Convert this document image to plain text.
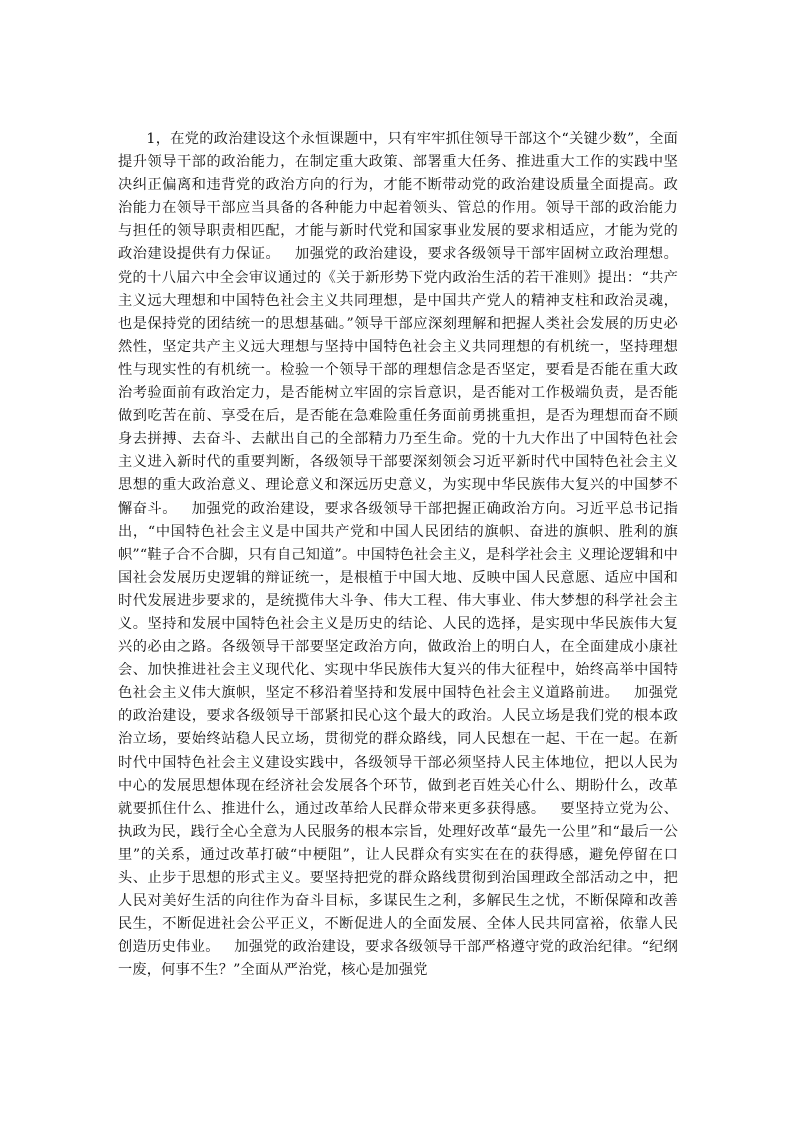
1，在党的政治建设这个永恒课题中，只有牢牢抓住领导干部这个“关键少数”，全面提升领导干部的政治能力，在制定重大政策、部署重大任务、推进重大工作的实践中坚决纠正偏离和违背党的政治方向的行为，才能不断带动党的政治建设质量全面提高。政治能力在领导干部应当具备的各种能力中起着领头、管总的作用。领导干部的政治能力与担任的领导职责相匹配，才能与新时代党和国家事业发展的要求相适应，才能为党的政治建设提供有力保证。  加强党的政治建设，要求各级领导干部牢固树立政治理想。党的十八届六中全会审议通过的《关于新形势下党内政治生活的若干准则》提出：“共产主义远大理想和中国特色社会主义共同理想，是中国共产党人的精神支柱和政治灵魂，也是保持党的团结统一的思想基础。”领导干部应深刻理解和把握人类社会发展的历史必然性，坚定共产主义远大理想与坚持中国特色社会主义共同理想的有机统一，坚持理想性与现实性的有机统一。检验一个领导干部的理想信念是否坚定，要看是否能在重大政治考验面前有政治定力，是否能树立牢固的宗旨意识，是否能对工作极端负责，是否能做到吃苦在前、享受在后，是否能在急难险重任务面前勇挑重担，是否为理想而奋不顾身去拼搏、去奋斗、去献出自己的全部精力乃至生命。党的十九大作出了中国特色社会主义进入新时代的重要判断，各级领导干部要深刻领会习近平新时代中国特色社会主义思想的重大政治意义、理论意义和深远历史意义，为实现中华民族伟大复兴的中国梦不懈奋斗。  加强党的政治建设，要求各级领导干部把握正确政治方向。习近平总书记指出，“中国特色社会主义是中国共产党和中国人民团结的旗帜、奋进的旗帜、胜利的旗帜”“鞋子合不合脚，只有自己知道”。中国特色社会主义，是科学社会主 义理论逻辑和中国社会发展历史逻辑的辩证统一，是根植于中国大地、反映中国人民意愿、适应中国和时代发展进步要求的，是统揽伟大斗争、伟大工程、伟大事业、伟大梦想的科学社会主义。坚持和发展中国特色社会主义是历史的结论、人民的选择，是实现中华民族伟大复兴的必由之路。各级领导干部要坚定政治方向，做政治上的明白人，在全面建成小康社会、加快推进社会主义现代化、实现中华民族伟大复兴的伟大征程中，始终高举中国特色社会主义伟大旗帜，坚定不移沿着坚持和发展中国特色社会主义道路前进。  加强党的政治建设，要求各级领导干部紧扣民心这个最大的政治。人民立场是我们党的根本政治立场，要始终站稳人民立场，贯彻党的群众路线，同人民想在一起、干在一起。在新时代中国特色社会主义建设实践中，各级领导干部必须坚持人民主体地位，把以人民为中心的发展思想体现在经济社会发展各个环节，做到老百姓关心什么、期盼什么，改革就要抓住什么、推进什么，通过改革给人民群众带来更多获得感。  要坚持立党为公、执政为民，践行全心全意为人民服务的根本宗旨，处理好改革“最先一公里”和“最后一公里”的关系，通过改革打破“中梗阻”，让人民群众有实实在在的获得感，避免停留在口头、止步于思想的形式主义。要坚持把党的群众路线贯彻到治国理政全部活动之中，把人民对美好生活的向往作为奋斗目标，多谋民生之利，多解民生之忧，不断保障和改善民生，不断促进社会公平正义，不断促进人的全面发展、全体人民共同富裕，依靠人民创造历史伟业。  加强党的政治建设，要求各级领导干部严格遵守党的政治纪律。“纪纲一废，何事不生？”全面从严治党，核心是加强党
